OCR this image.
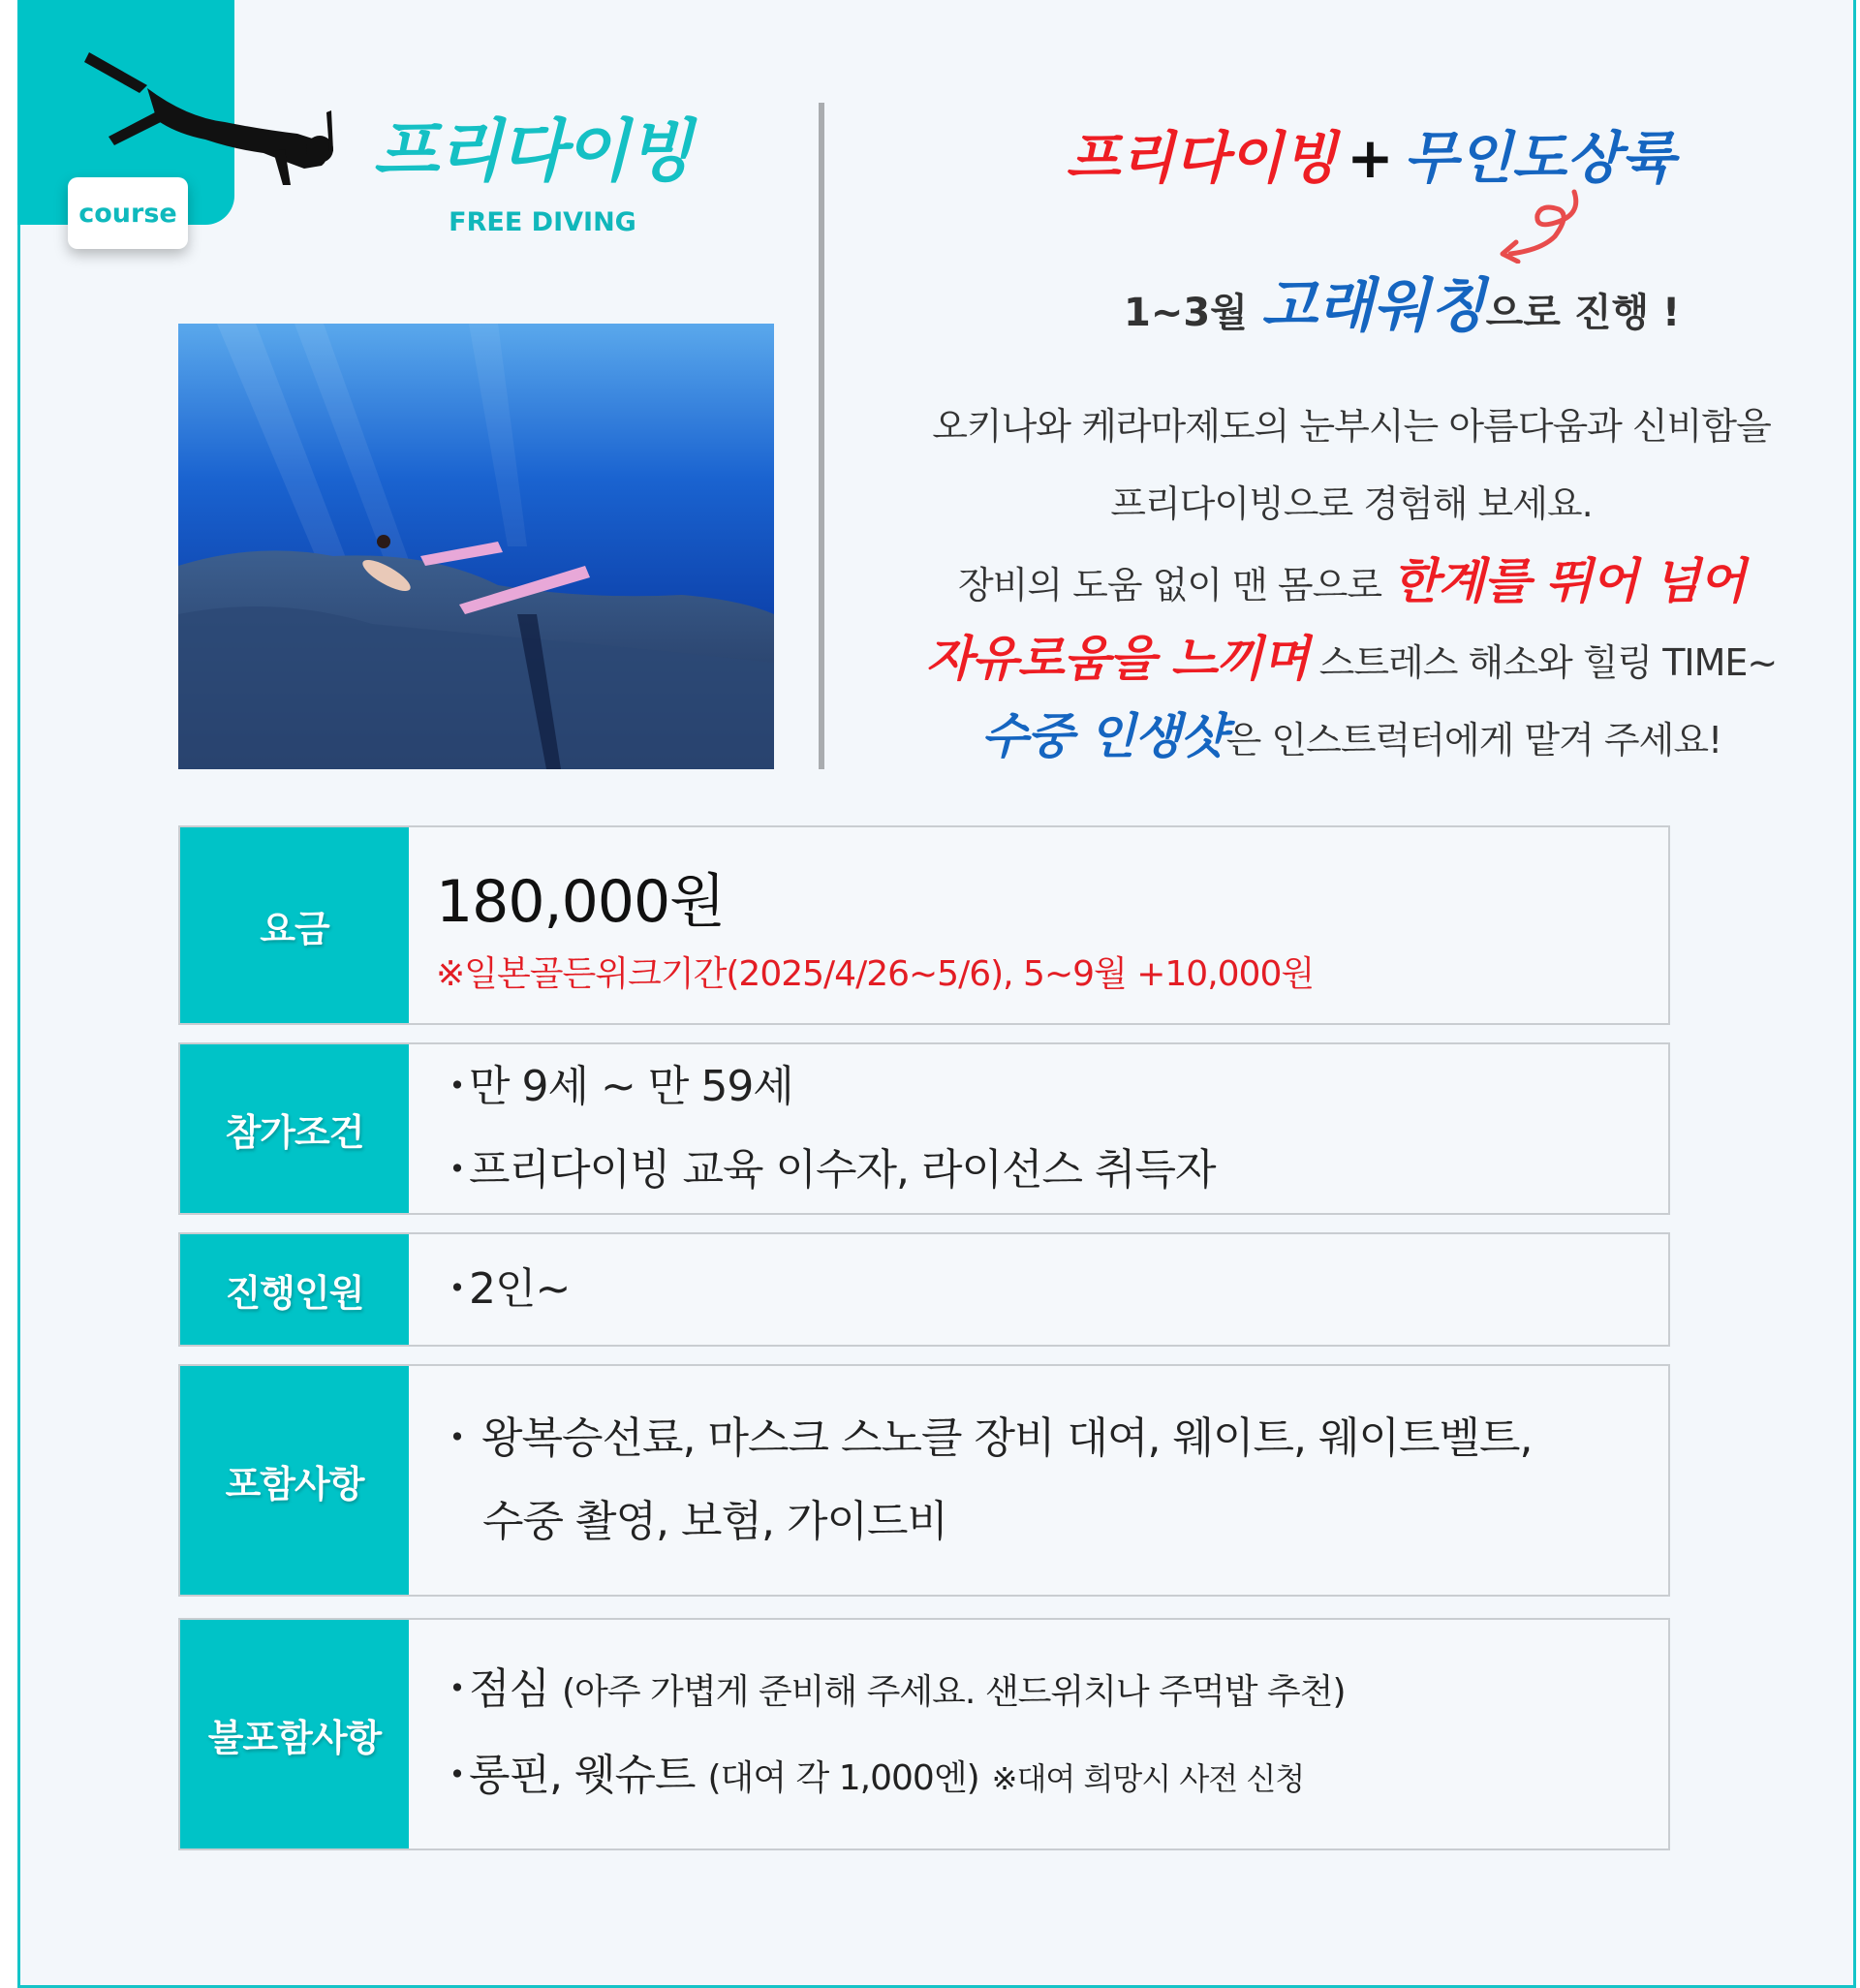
course
프리다이빙
FREE DIVING
프리다이빙 + 무인도상륙
1~3월 고래워칭으로 진행 !
오키나와 케라마제도의 눈부시는 아름다움과 신비함을
프리다이빙으로 경험해 보세요.
장비의 도움 없이 맨 몸으로 한계를 뛰어 넘어
자유로움을 느끼며 스트레스 해소와 힐링 TIME~
수중 인생샷은 인스트럭터에게 맡겨 주세요!
요금	180,000원
※일본골든위크기간(2025/4/26~5/6), 5~9월 +10,000원
참가조건
・만 9세 ~ 만 59세
・프리다이빙 교육 이수자, 라이선스 취득자
진행인원	・2인~
포함사항
・ 왕복승선료, 마스크 스노클 장비 대여, 웨이트, 웨이트벨트,
수중 촬영, 보험, 가이드비
불포함사항
・점심 (아주 가볍게 준비해 주세요. 샌드위치나 주먹밥 추천)
・롱핀, 웻슈트 (대여 각 1,000엔) ※대여 희망시 사전 신청
